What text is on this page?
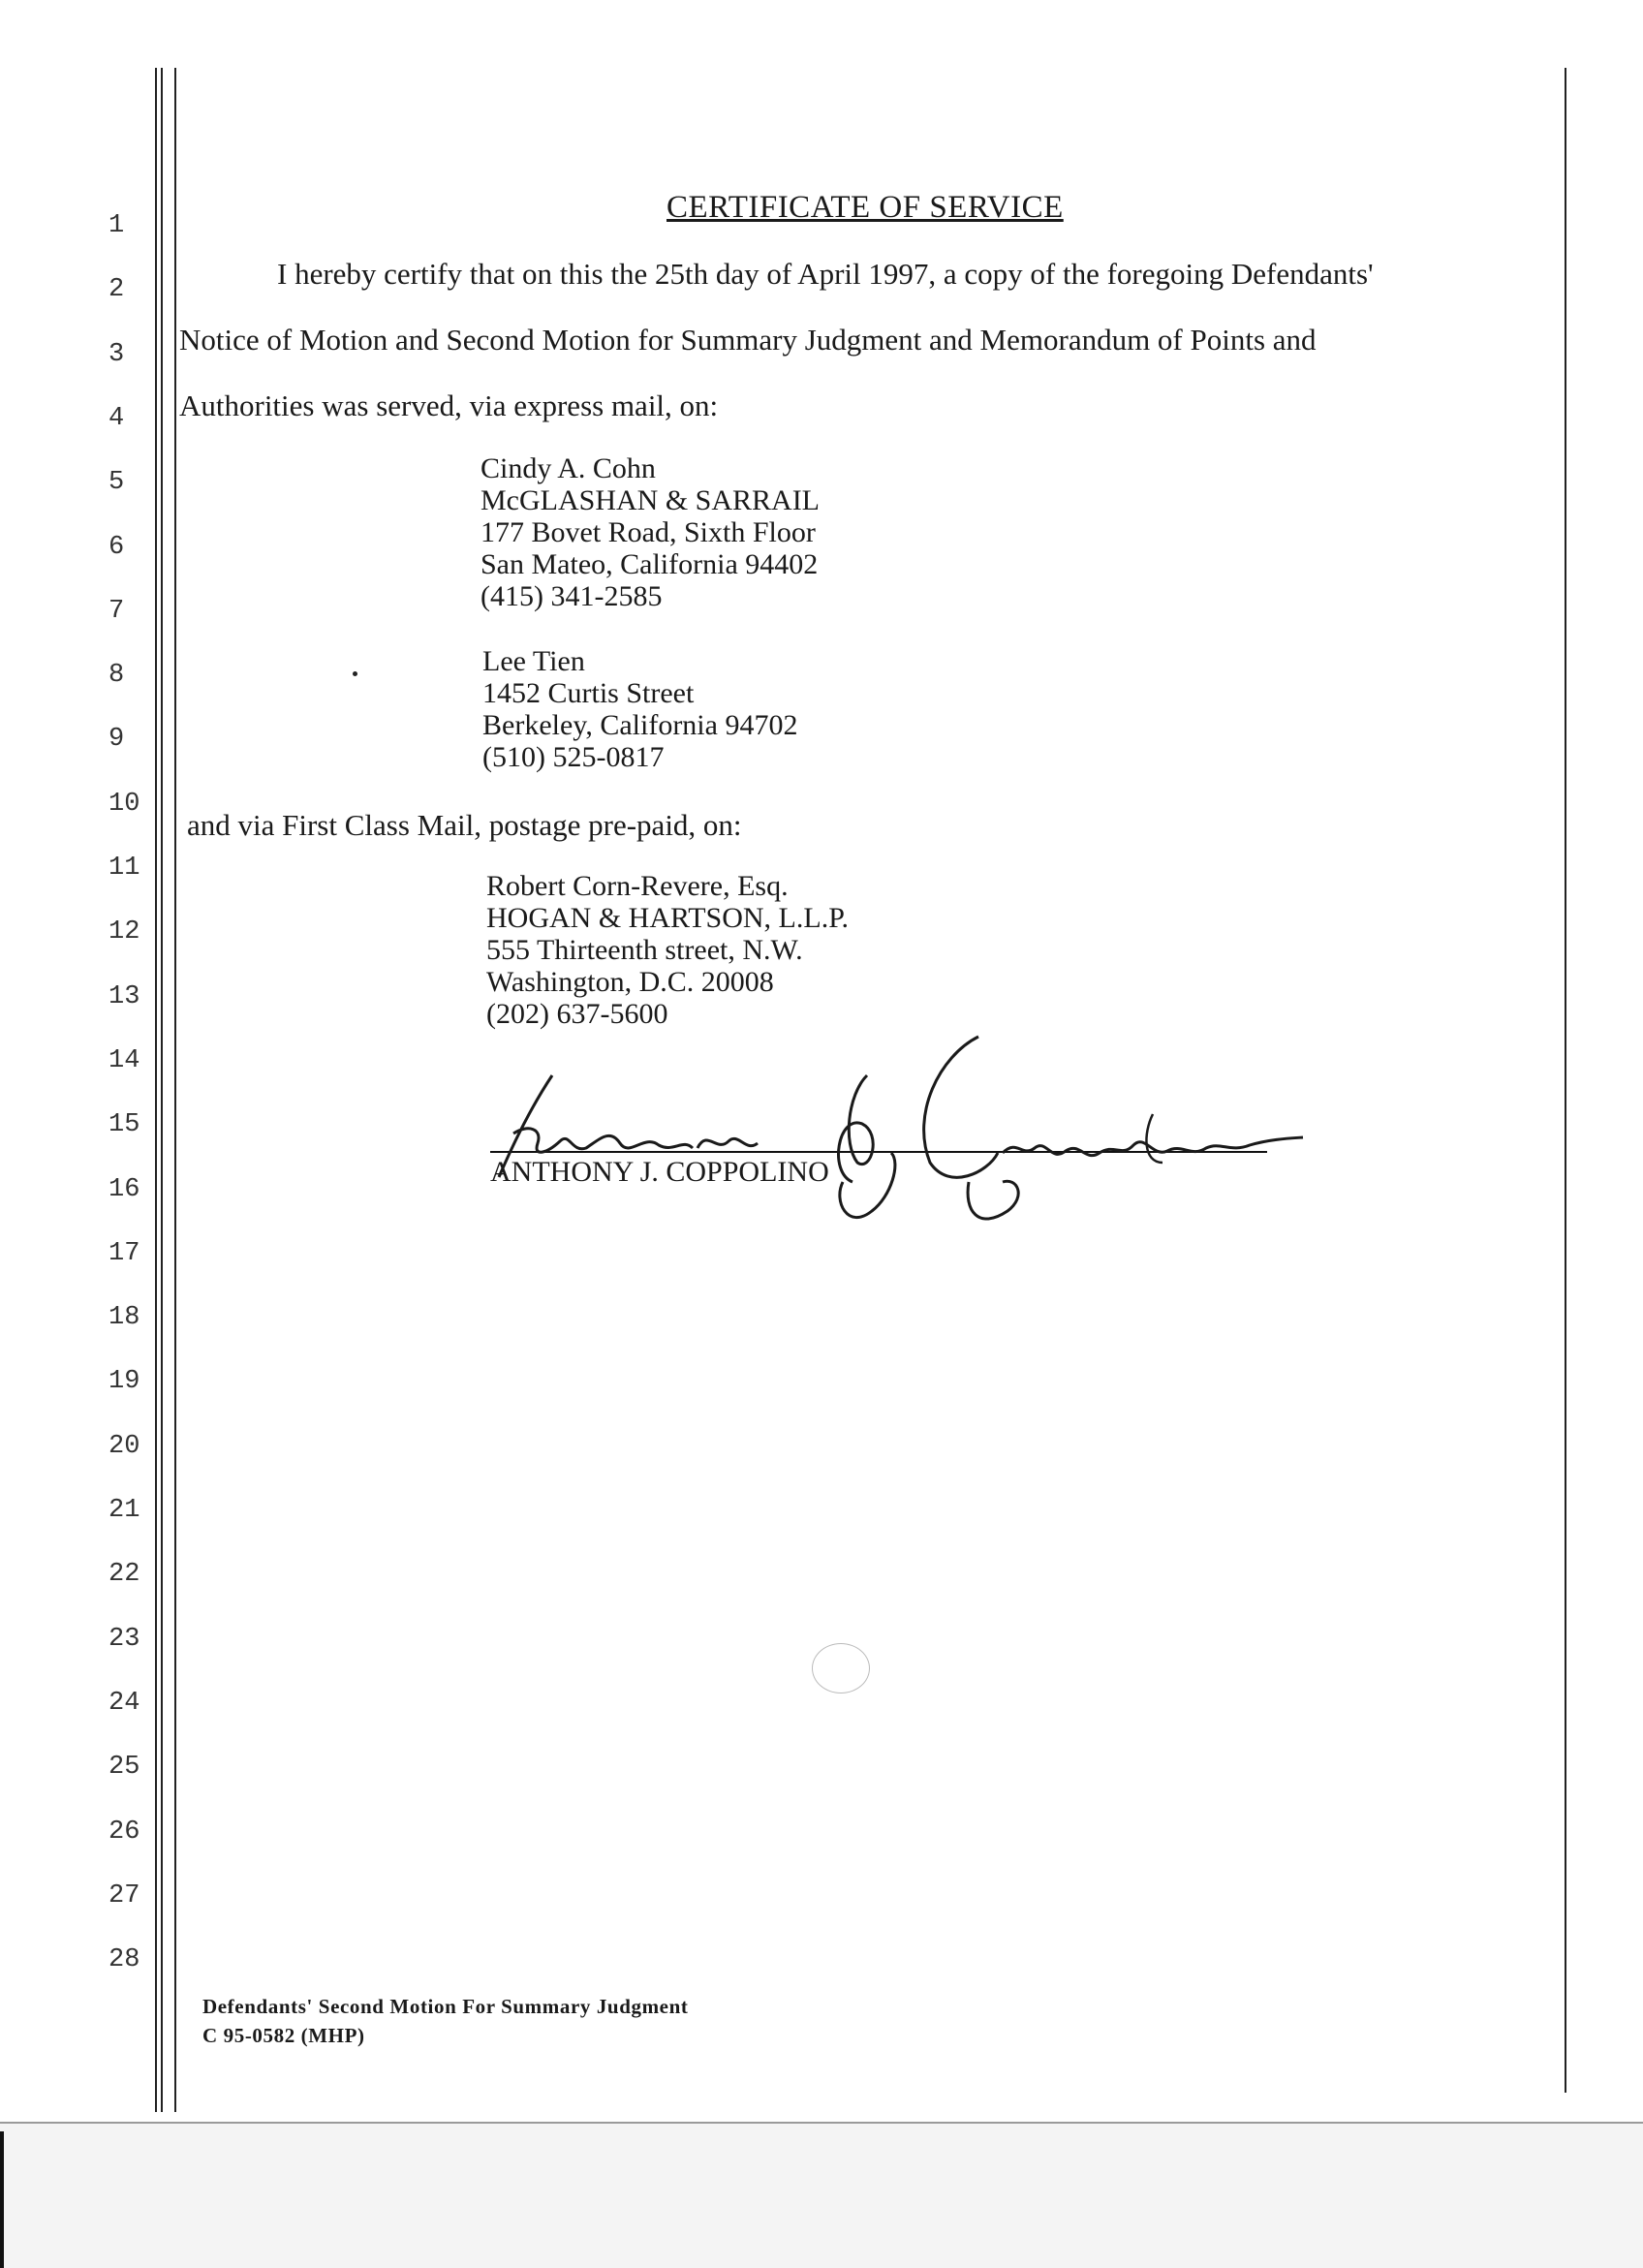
1
2
3
4
5
6
7
8
9
10
11
12
13
14
15
16
17
18
19
20
21
22
23
24
25
26
27
28
CERTIFICATE OF SERVICE
I hereby certify that on this the 25th day of April 1997, a copy of the foregoing Defendants'
Notice of Motion and Second Motion for Summary Judgment and Memorandum of Points and
Authorities was served, via express mail, on:
Cindy A. Cohn
McGLASHAN & SARRAIL
177 Bovet Road, Sixth Floor
San Mateo, California 94402
(415) 341-2585
Lee Tien
1452 Curtis Street
Berkeley, California 94702
(510) 525-0817
and via First Class Mail, postage pre-paid, on:
Robert Corn-Revere, Esq.
HOGAN & HARTSON, L.L.P.
555 Thirteenth street, N.W.
Washington, D.C. 20008
(202) 637-5600
ANTHONY J. COPPOLINO
Defendants' Second Motion For Summary Judgment
C 95-0582 (MHP)
